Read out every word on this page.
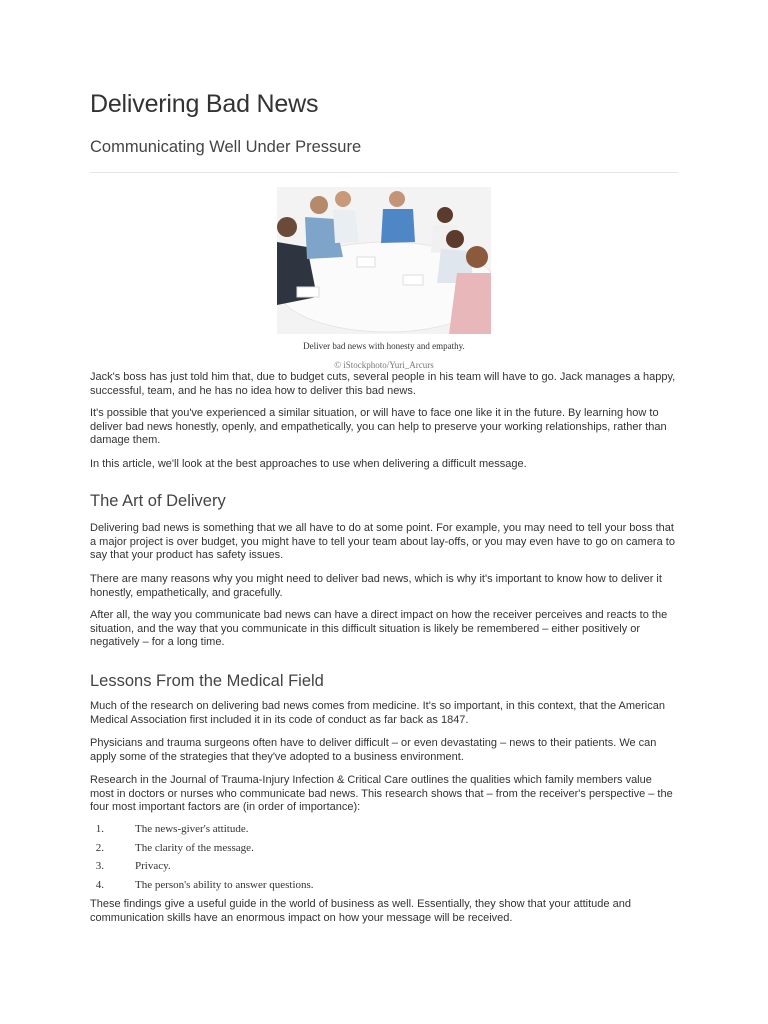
Delivering Bad News
Communicating Well Under Pressure

Deliver bad news with honesty and empathy.

© iStockphoto/Yuri_Arcurs

Jack's boss has just told him that, due to budget cuts, several people in his team will have to go. Jack manages a happy, successful, team, and he has no idea how to deliver this bad news.

It's possible that you've experienced a similar situation, or will have to face one like it in the future. By learning how to deliver bad news honestly, openly, and empathetically, you can help to preserve your working relationships, rather than damage them.

In this article, we'll look at the best approaches to use when delivering a difficult message.

The Art of Delivery

Delivering bad news is something that we all have to do at some point. For example, you may need to tell your boss that a major project is over budget, you might have to tell your team about lay-offs, or you may even have to go on camera to say that your product has safety issues.

There are many reasons why you might need to deliver bad news, which is why it's important to know how to deliver it honestly, empathetically, and gracefully.

After all, the way you communicate bad news can have a direct impact on how the receiver perceives and reacts to the situation, and the way that you communicate in this difficult situation is likely be remembered – either positively or negatively – for a long time.

Lessons From the Medical Field

Much of the research on delivering bad news comes from medicine. It's so important, in this context, that the American Medical Association first included it in its code of conduct as far back as 1847.

Physicians and trauma surgeons often have to deliver difficult – or even devastating – news to their patients. We can apply some of the strategies that they've adopted to a business environment.

Research in the Journal of Trauma-Injury Infection & Critical Care outlines the qualities which family members value most in doctors or nurses who communicate bad news. This research shows that – from the receiver's perspective – the four most important factors are (in order of importance):

1.	The news-giver's attitude.
2.	The clarity of the message.
3.	Privacy.
4.	The person's ability to answer questions.

These findings give a useful guide in the world of business as well. Essentially, they show that your attitude and communication skills have an enormous impact on how your message will be received.
